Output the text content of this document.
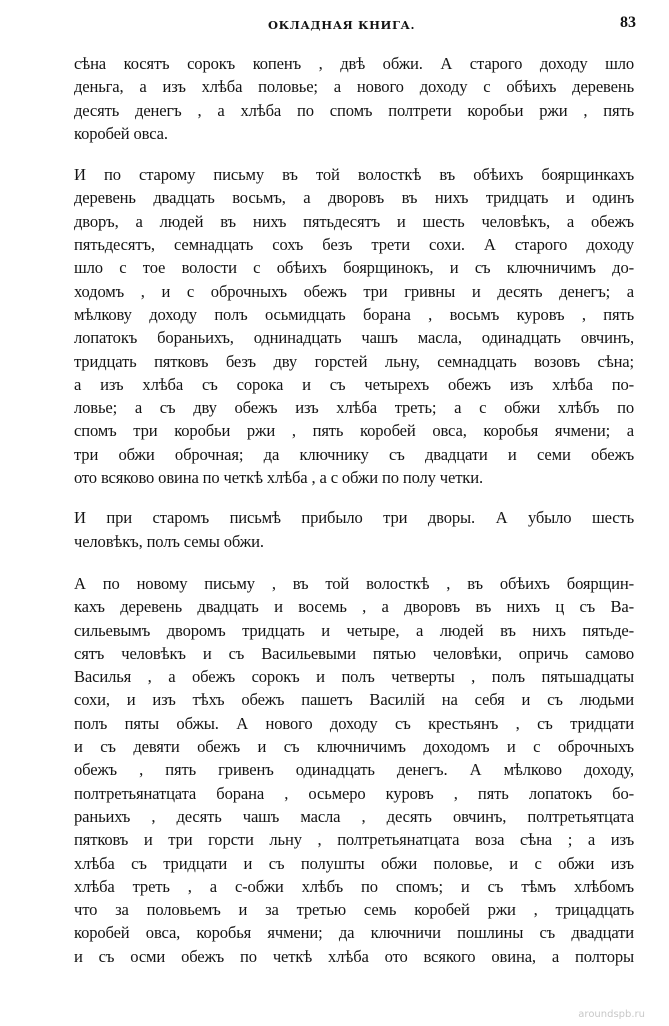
ОКЛАДНАЯ КНИГА.	83
сѣна косятъ сорокъ копенъ , двѣ обжи. А старого доходу шло
деньга, а изъ хлѣба половье; а нового доходу с обѣихъ деревень
десять денегъ , а хлѣба по спомъ полтрети коробьи ржи , пять
коробей овса.
И по старому письму въ той волосткѣ въ обѣихъ боярщинкахъ
деревень двадцать восьмъ, а дворовъ въ нихъ тридцать и одинъ
дворъ, а людей въ нихъ пятьдесятъ и шесть человѣкъ, а обежъ
пятьдесятъ, семнадцать сохъ безъ трети сохи. А старого доходу
шло с тое волости с обѣихъ боярщинокъ, и съ ключничимъ до-
ходомъ , и с оброчныхъ обежъ три гривны и десять денегъ; а
мѣлкову доходу полъ осьмидцать борана , восьмъ куровъ , пять
лопатокъ бораньихъ, однинадцать чашъ масла, одинадцать овчинъ,
тридцать пятковъ безъ дву горстей льну, семнадцать возовъ сѣна;
а изъ хлѣба съ сорока и съ четырехъ обежъ изъ хлѣба по-
ловье; а съ дву обежъ изъ хлѣба треть; а с обжи хлѣбъ по
спомъ три коробьи ржи , пять коробей овса, коробья ячмени; а
три обжи оброчная; да ключнику съ двадцати и семи обежъ
ото всяково овина по четкѣ хлѣба , а с обжи по полу четки.
И при старомъ письмѣ прибыло три дворы. А убыло шесть
человѣкъ, полъ семы обжи.
А по новому письму , въ той волосткѣ , въ обѣихъ боярщин-
кахъ деревень двадцать и восемь , а дворовъ въ нихъ ц съ Ва-
сильевымъ дворомъ тридцать и четыре, а людей въ нихъ пятьде-
сятъ человѣкъ и съ Васильевыми пятью человѣки, опричь самово
Василья , а обежъ сорокъ и полъ четверты , полъ пятьшадцаты
сохи, и изъ тѣхъ обежъ пашетъ Василій на себя и съ людьми
полъ пяты обжы. А нового доходу съ крестьянъ , съ тридцати
и съ девяти обежъ и съ ключничимъ доходомъ и с оброчныхъ
обежъ , пять гривенъ одинадцать денегъ. А мѣлково доходу,
полтретьянатцата борана , осьмеро куровъ , пять лопатокъ бо-
раньихъ , десять чашъ масла , десять овчинъ, полтретьятцата
пятковъ и три горсти льну , полтретьянатцата воза сѣна ; а изъ
хлѣба съ тридцати и съ полушты обжи половье, и с обжи изъ
хлѣба треть , а с-обжи хлѣбъ по спомъ; и съ тѣмъ хлѣбомъ
что за половьемъ и за третью семь коробей ржи , трицадцать
коробей овса, коробья ячмени; да ключничи пошлины съ двадцати
и съ осми обежъ по четкѣ хлѣба ото всякого овина, а полторы
aroundspb.ru
